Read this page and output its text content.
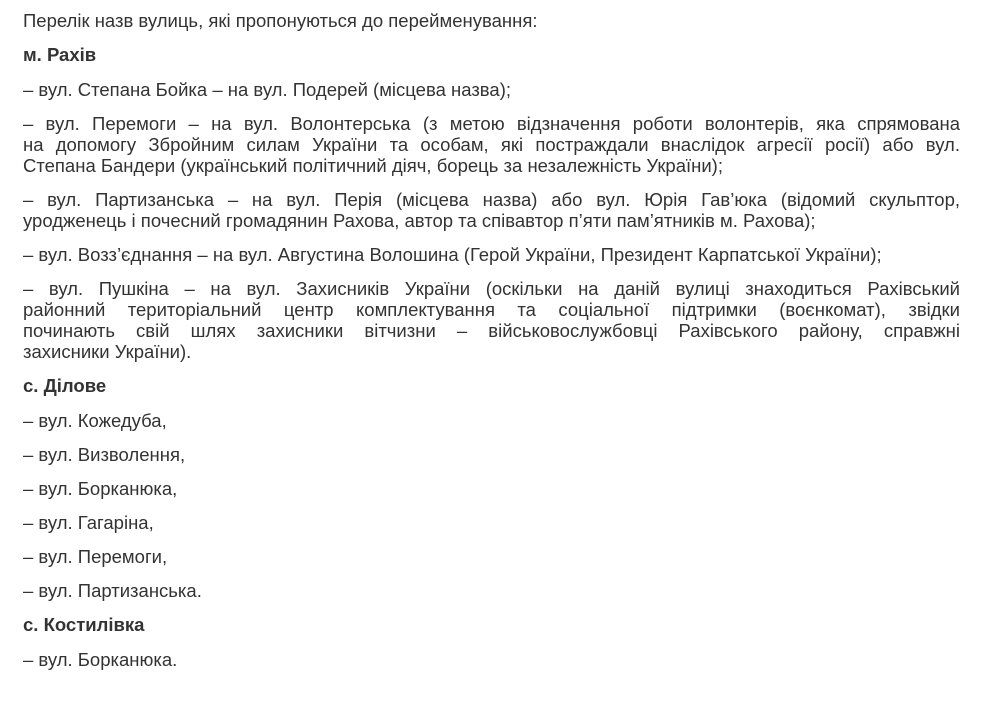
Перелік назв вулиць, які пропонуються до перейменування:

м. Рахів

– вул. Степана Бойка – на вул. Подерей (місцева назва);

– вул. Перемоги – на вул. Волонтерська (з метою відзначення роботи волонтерів, яка спрямована
на допомогу Збройним силам України та особам, які постраждали внаслідок агресії росії) або вул.
Степана Бандери (український політичний діяч, борець за незалежність України);

– вул. Партизанська – на вул. Перія (місцева назва) або вул. Юрія Гав’юка (відомий скульптор,
уродженець і почесний громадянин Рахова, автор та співавтор п’яти пам’ятників м. Рахова);

– вул. Возз’єднання – на вул. Августина Волошина (Герой України, Президент Карпатської України);

– вул. Пушкіна – на вул. Захисників України (оскільки на даній вулиці знаходиться Рахівський
районний територіальний центр комплектування та соціальної підтримки (воєнкомат), звідки
починають свій шлях захисники вітчизни – військовослужбовці Рахівського району, справжні
захисники України).

с. Ділове

– вул. Кожедуба,

– вул. Визволення,

– вул. Борканюка,

– вул. Гагаріна,

– вул. Перемоги,

– вул. Партизанська.

с. Костилівка

– вул. Борканюка.
